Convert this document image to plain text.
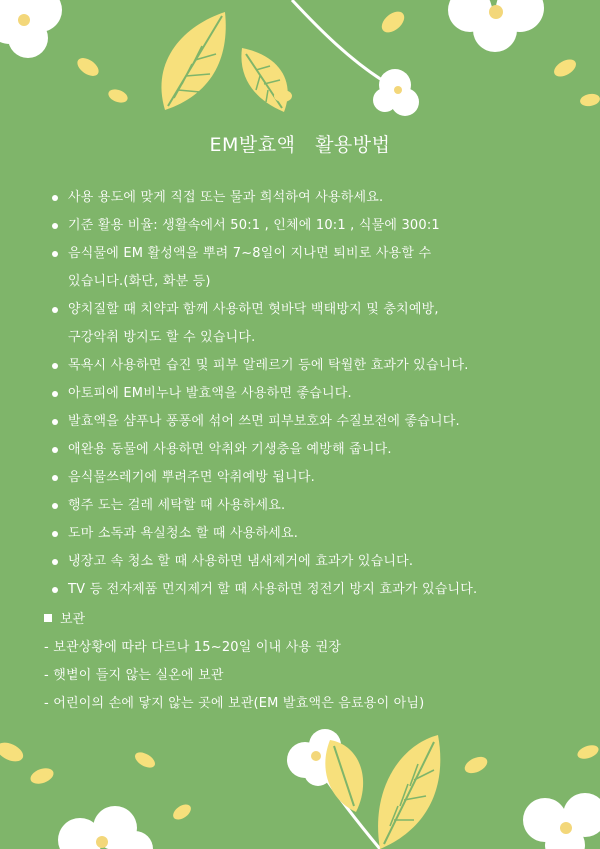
EM발효액   활용방법
사용 용도에 맞게 직접 또는 물과 희석하여 사용하세요.
기준 활용 비율: 생활속에서 50:1 , 인체에 10:1 , 식물에 300:1
음식물에 EM 활성액을 뿌려 7~8일이 지나면 퇴비로 사용할 수
있습니다.(화단, 화분 등)
양치질할 때 치약과 함께 사용하면 혓바닥 백태방지 및 충치예방,
구강악취 방지도 할 수 있습니다.
목욕시 사용하면 습진 및 피부 알레르기 등에 탁월한 효과가 있습니다.
아토피에 EM비누나 발효액을 사용하면 좋습니다.
발효액을 샴푸나 퐁퐁에 섞어 쓰면 피부보호와 수질보전에 좋습니다.
애완용 동물에 사용하면 악취와 기생충을 예방해 줍니다.
음식물쓰레기에 뿌려주면 악취예방 됩니다.
행주 도는 걸레 세탁할 때 사용하세요.
도마 소독과 욕실청소 할 때 사용하세요.
냉장고 속 청소 할 때 사용하면 냄새제거에 효과가 있습니다.
TV 등 전자제품 먼지제거 할 때 사용하면 정전기 방지 효과가 있습니다.
보관
- 보관상황에 따라 다르나 15~20일 이내 사용 권장
- 햇볕이 들지 않는 실온에 보관
- 어린이의 손에 닿지 않는 곳에 보관(EM 발효액은 음료용이 아님)
